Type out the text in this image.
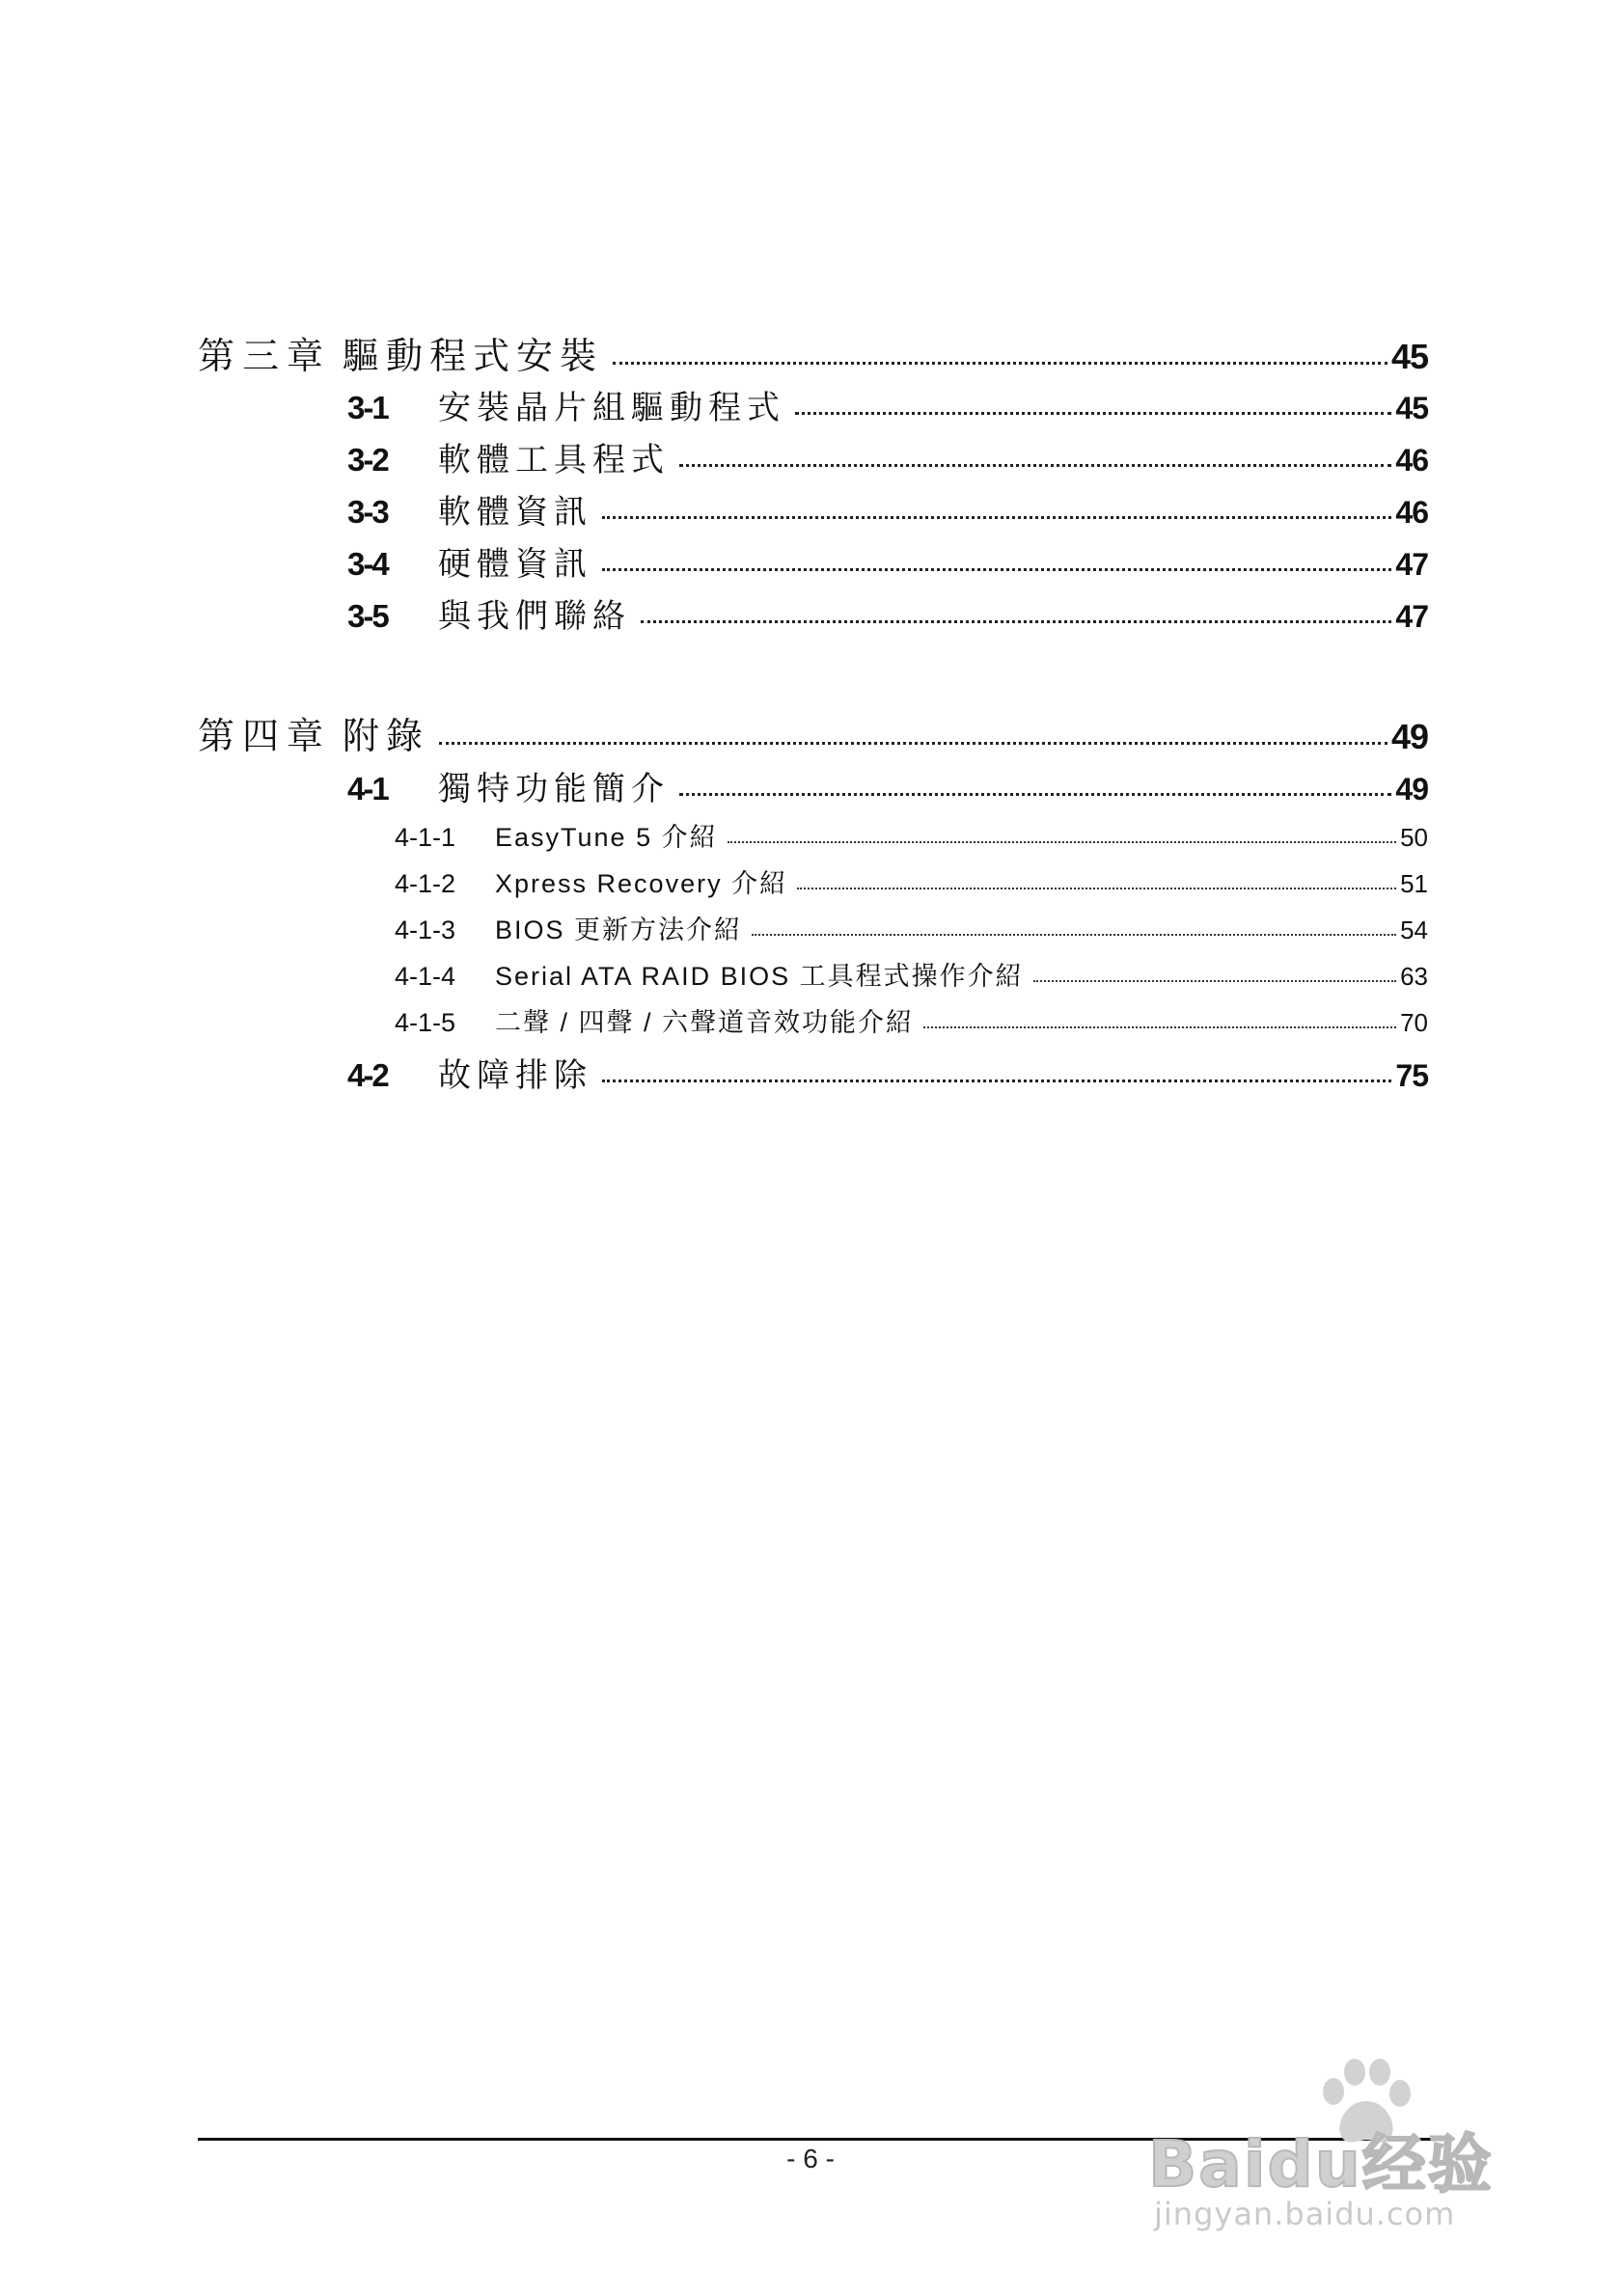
第三章 驅動程式安裝	45
3-1	安裝晶片組驅動程式	45
3-2	軟體工具程式	46
3-3	軟體資訊	46
3-4	硬體資訊	47
3-5	與我們聯絡	47
第四章 附錄	49
4-1	獨特功能簡介	49
4-1-1	EasyTune 5 介紹	50
4-1-2	Xpress Recovery 介紹	51
4-1-3	BIOS 更新方法介紹	54
4-1-4	Serial ATA RAID BIOS 工具程式操作介紹	63
4-1-5	二聲 / 四聲 / 六聲道音效功能介紹	70
4-2	故障排除	75
- 6 -	Baidu经验
jingyan.baidu.com
